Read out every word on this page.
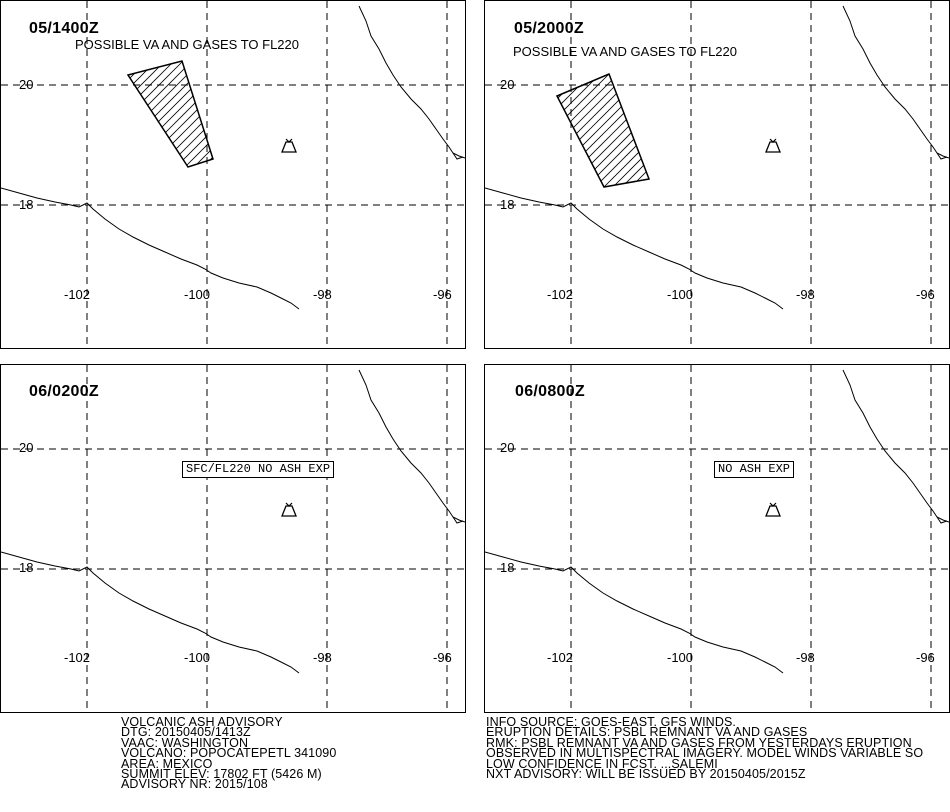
05/1400Z
POSSIBLE VA AND GASES TO FL220
20
18
-102	-100	-98	-96
05/2000Z
POSSIBLE VA AND GASES TO FL220
20
18
-102	-100	-98	-96
06/0200Z
SFC/FL220 NO ASH EXP
20
18
-102	-100	-98	-96
06/0800Z
NO ASH EXP
20
18
-102	-100	-98	-96
VOLCANIC ASH ADVISORY
DTG: 20150405/1413Z
VAAC: WASHINGTON
VOLCANO: POPOCATEPETL 341090
AREA: MEXICO
SUMMIT ELEV: 17802 FT (5426 M)
ADVISORY NR: 2015/108
INFO SOURCE: GOES-EAST. GFS WINDS.
ERUPTION DETAILS: PSBL REMNANT VA AND GASES
RMK: PSBL REMNANT VA AND GASES FROM YESTERDAYS ERUPTION
OBSERVED IN MULTISPECTRAL IMAGERY. MODEL WINDS VARIABLE SO
LOW CONFIDENCE IN FCST. ...SALEMI
NXT ADVISORY: WILL BE ISSUED BY 20150405/2015Z
